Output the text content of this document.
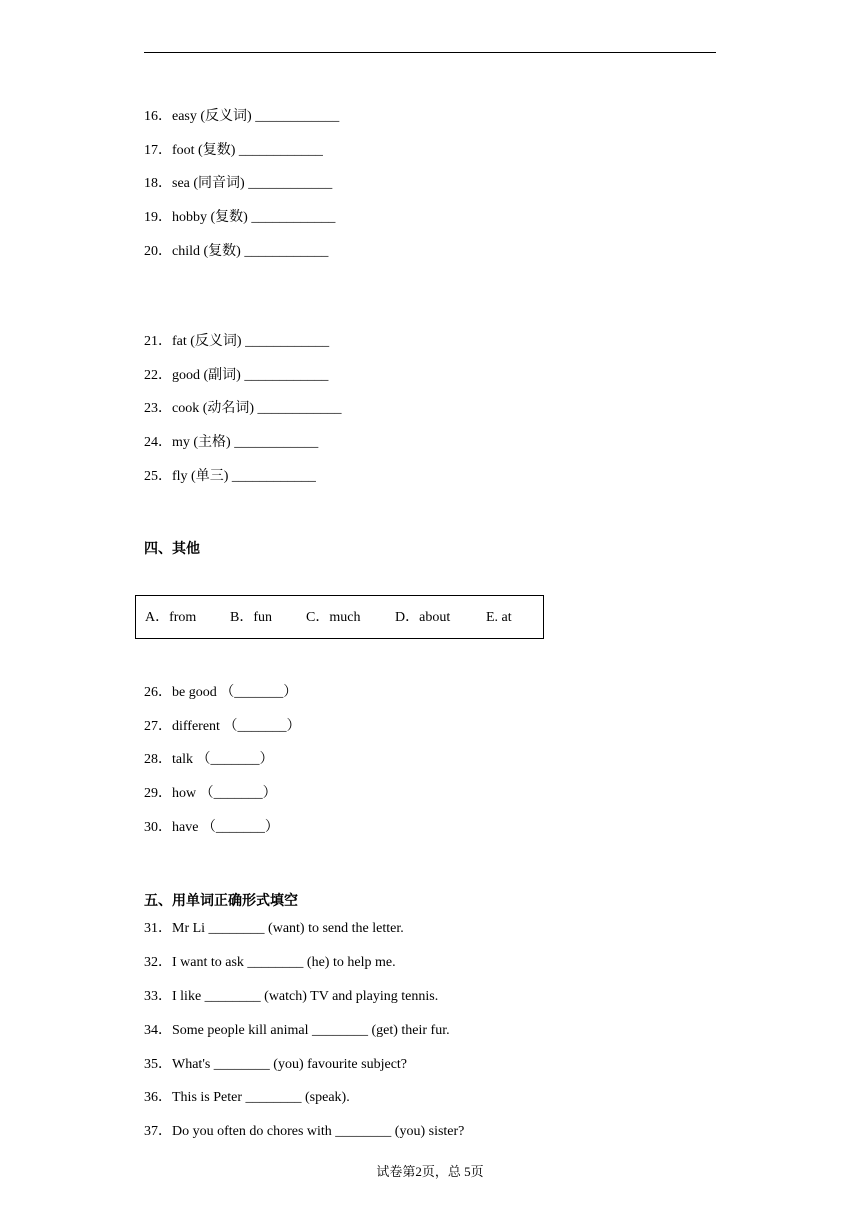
16．easy (反义词) ____________
17．foot (复数) ____________
18．sea (同音词) ____________
19．hobby (复数) ____________
20．child (复数) ____________
21．fat (反义词) ____________
22．good (副词) ____________
23．cook (动名词) ____________
24．my (主格) ____________
25．fly (单三) ____________
四、其他
A．from B．fun C．much D．about	E. at
26．be good （_______）
27．different （_______）
28．talk （_______）
29．how （_______）
30．have （_______）
五、用单词正确形式填空
31．Mr Li ________ (want) to send the letter.
32．I want to ask ________ (he) to help me.
33．I like ________ (watch) TV and playing tennis.
34．Some people kill animal ________ (get) their fur.
35．What's ________ (you) favourite subject?
36．This is Peter ________ (speak).
37．Do you often do chores with ________ (you) sister?
试卷第2页，总 5页
